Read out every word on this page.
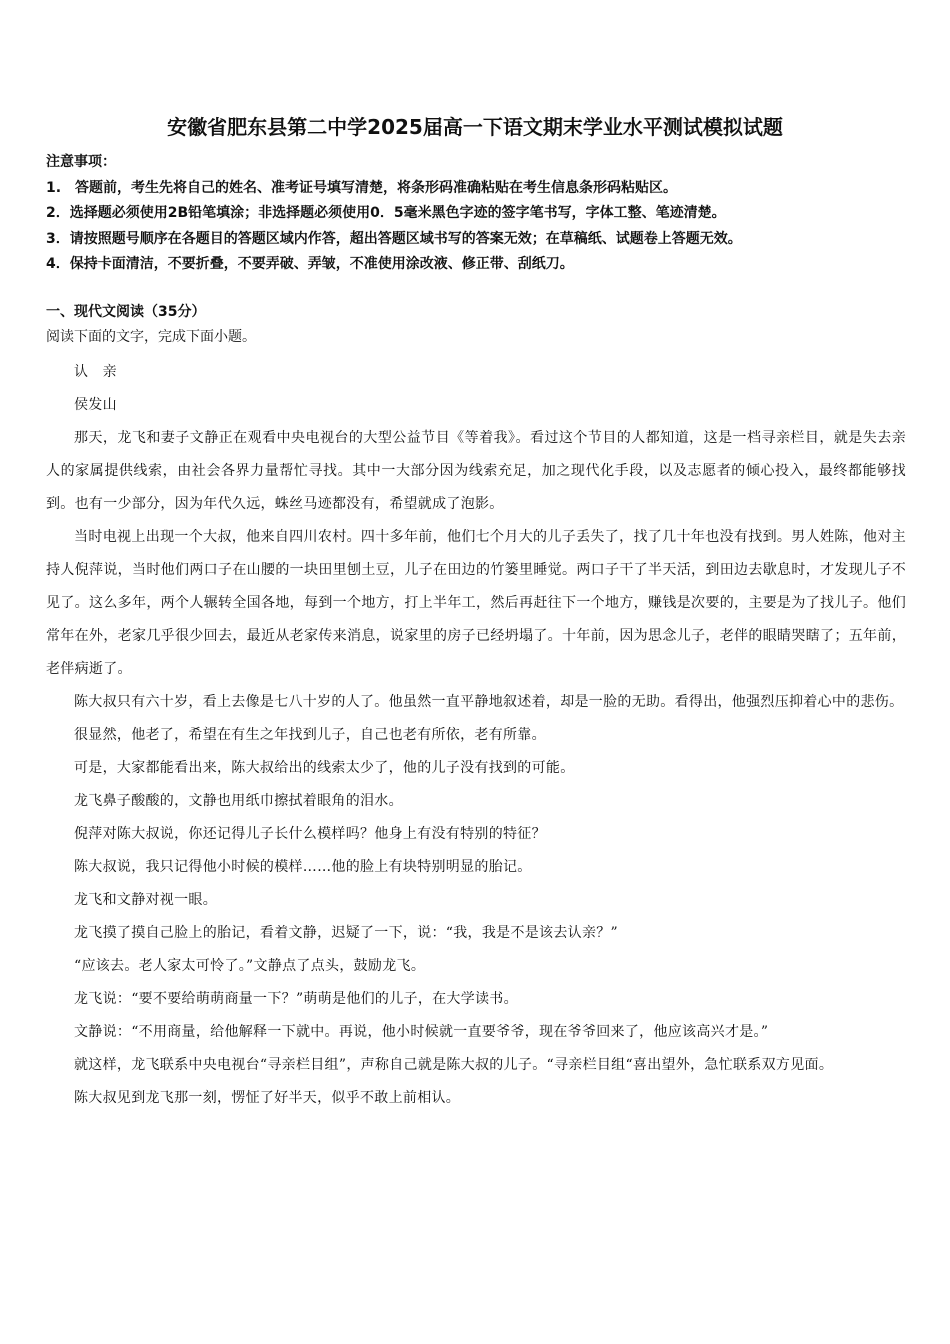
安徽省肥东县第二中学2025届高一下语文期末学业水平测试模拟试题
注意事项：
1.　答题前，考生先将自己的姓名、准考证号填写清楚，将条形码准确粘贴在考生信息条形码粘贴区。
2．选择题必须使用2B铅笔填涂；非选择题必须使用0．5毫米黑色字迹的签字笔书写，字体工整、笔迹清楚。
3．请按照题号顺序在各题目的答题区域内作答，超出答题区域书写的答案无效；在草稿纸、试题卷上答题无效。
4．保持卡面清洁，不要折叠，不要弄破、弄皱，不准使用涂改液、修正带、刮纸刀。
一、现代文阅读（35分）
阅读下面的文字，完成下面小题。

认　亲

侯发山

那天，龙飞和妻子文静正在观看中央电视台的大型公益节目《等着我》。看过这个节目的人都知道，这是一档寻亲栏目，就是失去亲人的家属提供线索，由社会各界力量帮忙寻找。其中一大部分因为线索充足，加之现代化手段，以及志愿者的倾心投入，最终都能够找到。也有一少部分，因为年代久远，蛛丝马迹都没有，希望就成了泡影。

当时电视上出现一个大叔，他来自四川农村。四十多年前，他们七个月大的儿子丢失了，找了几十年也没有找到。男人姓陈，他对主持人倪萍说，当时他们两口子在山腰的一块田里刨土豆，儿子在田边的竹篓里睡觉。两口子干了半天活，到田边去歇息时，才发现儿子不见了。这么多年，两个人辗转全国各地，每到一个地方，打上半年工，然后再赶往下一个地方，赚钱是次要的，主要是为了找儿子。他们常年在外，老家几乎很少回去，最近从老家传来消息，说家里的房子已经坍塌了。十年前，因为思念儿子，老伴的眼睛哭瞎了；五年前，老伴病逝了。

陈大叔只有六十岁，看上去像是七八十岁的人了。他虽然一直平静地叙述着，却是一脸的无助。看得出，他强烈压抑着心中的悲伤。

很显然，他老了，希望在有生之年找到儿子，自己也老有所依，老有所靠。

可是，大家都能看出来，陈大叔给出的线索太少了，他的儿子没有找到的可能。

龙飞鼻子酸酸的，文静也用纸巾擦拭着眼角的泪水。

倪萍对陈大叔说，你还记得儿子长什么模样吗？他身上有没有特别的特征？

陈大叔说，我只记得他小时候的模样……他的脸上有块特别明显的胎记。

龙飞和文静对视一眼。

龙飞摸了摸自己脸上的胎记，看着文静，迟疑了一下，说：“我，我是不是该去认亲？”

“应该去。老人家太可怜了。”文静点了点头，鼓励龙飞。

龙飞说：“要不要给萌萌商量一下？”萌萌是他们的儿子，在大学读书。

文静说：“不用商量，给他解释一下就中。再说，他小时候就一直要爷爷，现在爷爷回来了，他应该高兴才是。”

就这样，龙飞联系中央电视台“寻亲栏目组”，声称自己就是陈大叔的儿子。“寻亲栏目组“喜出望外，急忙联系双方见面。

陈大叔见到龙飞那一刻，愣怔了好半天，似乎不敢上前相认。
